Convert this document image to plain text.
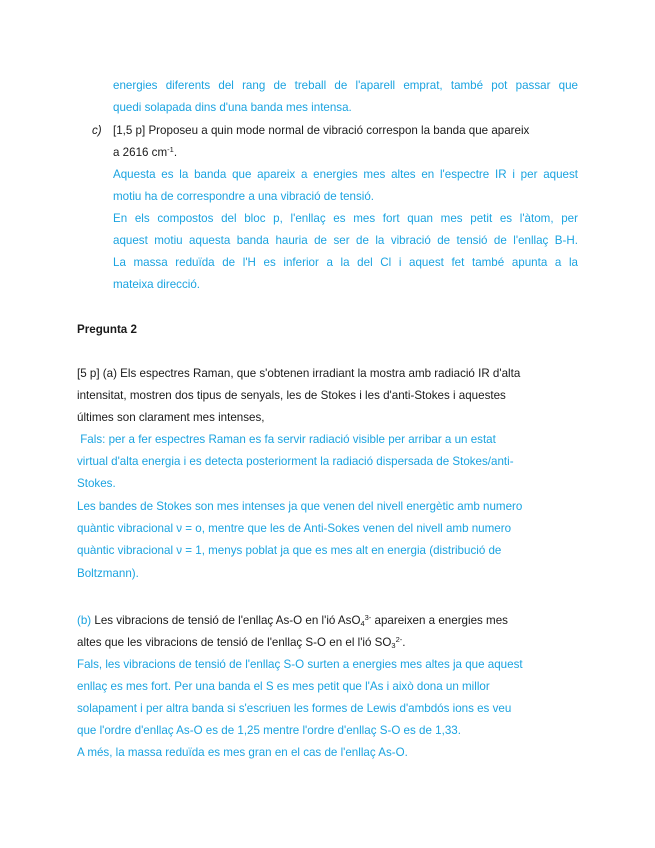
energies diferents del rang de treball de l'aparell emprat, també pot passar que
quedi solapada dins d'una banda mes intensa.
c) [1,5 p] Proposeu a quin mode normal de vibració correspon la banda que apareix
a 2616 $cm^{-1}$.
Aquesta es la banda que apareix a energies mes altes en l'espectre IR i per aquest
motiu ha de correspondre a una vibració de tensió.
En els compostos del bloc p, l'enllaç es mes fort quan mes petit es l'àtom, per
aquest motiu aquesta banda hauria de ser de la vibració de tensió de l'enllaç B-H.
La massa reduïda de l'H es inferior a la del Cl i aquest fet també apunta a la
mateixa direcció.
Pregunta 2
[5 p] (a) Els espectres Raman, que s'obtenen irradiant la mostra amb radiació IR d'alta
intensitat, mostren dos tipus de senyals, les de Stokes i les d'anti-Stokes i aquestes
últimes son clarament mes intenses,
Fals: per a fer espectres Raman es fa servir radiació visible per arribar a un estat
virtual d'alta energia i es detecta posteriorment la radiació dispersada de Stokes/anti-
Stokes.
Les bandes de Stokes son mes intenses ja que venen del nivell energètic amb numero
quàntic vibracional ν = o, mentre que les de Anti-Sokes venen del nivell amb numero
quàntic vibracional ν = 1, menys poblat ja que es mes alt en energia (distribució de
Boltzmann).
(b) Les vibracions de tensió de l'enllaç As-O en l'ió AsO$_4^{3-}$ apareixen a energies mes
altes que les vibracions de tensió de l'enllaç S-O en el l'ió $SO_3^{2-}$.
Fals, les vibracions de tensió de l'enllaç S-O surten a energies mes altes ja que aquest
enllaç es mes fort. Per una banda el S es mes petit que l'As i això dona un millor
solapament i per altra banda si s'escriuen les formes de Lewis d'ambdós ions es veu
que l'ordre d'enllaç As-O es de 1,25 mentre l'ordre d'enllaç S-O es de 1,33.
A més, la massa reduïda es mes gran en el cas de l'enllaç As-O.
